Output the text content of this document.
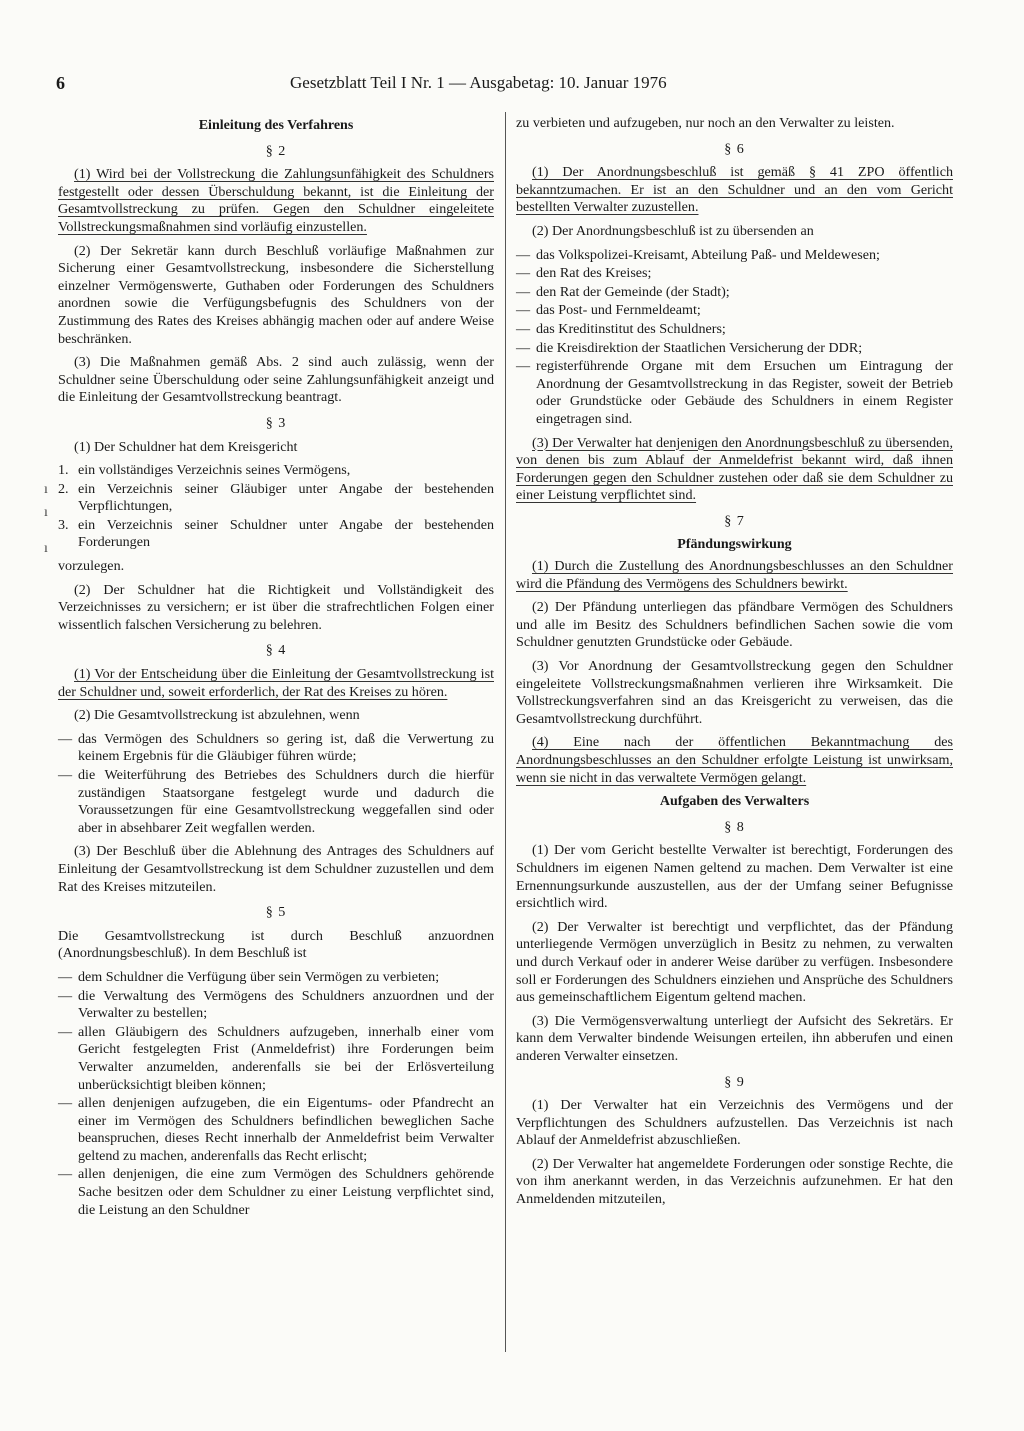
6	Gesetzblatt Teil I Nr. 1 — Ausgabetag: 10. Januar 1976
Einleitung des Verfahrens
§ 2

(1) Wird bei der Vollstreckung die Zahlungsunfähigkeit des Schuldners festgestellt oder dessen Überschuldung bekannt, ist die Einleitung der Gesamtvollstreckung zu prüfen. Gegen den Schuldner eingeleitete Vollstreckungsmaßnahmen sind vorläufig einzustellen.

(2) Der Sekretär kann durch Beschluß vorläufige Maßnahmen zur Sicherung einer Gesamtvollstreckung, insbesondere die Sicherstellung einzelner Vermögenswerte, Guthaben oder Forderungen des Schuldners anordnen sowie die Verfügungsbefugnis des Schuldners von der Zustimmung des Rates des Kreises abhängig machen oder auf andere Weise beschränken.

(3) Die Maßnahmen gemäß Abs. 2 sind auch zulässig, wenn der Schuldner seine Überschuldung oder seine Zahlungsunfähigkeit anzeigt und die Einleitung der Gesamtvollstreckung beantragt.

§ 3

(1) Der Schuldner hat dem Kreisgericht

1. ein vollständiges Verzeichnis seines Vermögens,
2. ein Verzeichnis seiner Gläubiger unter Angabe der bestehenden Verpflichtungen,
3. ein Verzeichnis seiner Schuldner unter Angabe der bestehenden Forderungen

vorzulegen.

(2) Der Schuldner hat die Richtigkeit und Vollständigkeit des Verzeichnisses zu versichern; er ist über die strafrechtlichen Folgen einer wissentlich falschen Versicherung zu belehren.

§ 4

(1) Vor der Entscheidung über die Einleitung der Gesamtvollstreckung ist der Schuldner und, soweit erforderlich, der Rat des Kreises zu hören.

(2) Die Gesamtvollstreckung ist abzulehnen, wenn

— das Vermögen des Schuldners so gering ist, daß die Verwertung zu keinem Ergebnis für die Gläubiger führen würde;
— die Weiterführung des Betriebes des Schuldners durch die hierfür zuständigen Staatsorgane festgelegt wurde und dadurch die Voraussetzungen für eine Gesamtvollstreckung weggefallen sind oder aber in absehbarer Zeit wegfallen werden.

(3) Der Beschluß über die Ablehnung des Antrages des Schuldners auf Einleitung der Gesamtvollstreckung ist dem Schuldner zuzustellen und dem Rat des Kreises mitzuteilen.

§ 5

Die Gesamtvollstreckung ist durch Beschluß anzuordnen (Anordnungsbeschluß). In dem Beschluß ist

— dem Schuldner die Verfügung über sein Vermögen zu verbieten;
— die Verwaltung des Vermögens des Schuldners anzuordnen und der Verwalter zu bestellen;
— allen Gläubigern des Schuldners aufzugeben, innerhalb einer vom Gericht festgelegten Frist (Anmeldefrist) ihre Forderungen beim Verwalter anzumelden, anderenfalls sie bei der Erlösverteilung unberücksichtigt bleiben können;
— allen denjenigen aufzugeben, die ein Eigentums- oder Pfandrecht an einer im Vermögen des Schuldners befindlichen beweglichen Sache beanspruchen, dieses Recht innerhalb der Anmeldefrist beim Verwalter geltend zu machen, anderenfalls das Recht erlischt;
— allen denjenigen, die eine zum Vermögen des Schuldners gehörende Sache besitzen oder dem Schuldner zu einer Leistung verpflichtet sind, die Leistung an den Schuldner

zu verbieten und aufzugeben, nur noch an den Verwalter zu leisten.

§ 6

(1) Der Anordnungsbeschluß ist gemäß § 41 ZPO öffentlich bekanntzumachen. Er ist an den Schuldner und an den vom Gericht bestellten Verwalter zuzustellen.

(2) Der Anordnungsbeschluß ist zu übersenden an

— das Volkspolizei-Kreisamt, Abteilung Paß- und Meldewesen;
— den Rat des Kreises;
— den Rat der Gemeinde (der Stadt);
— das Post- und Fernmeldeamt;
— das Kreditinstitut des Schuldners;
— die Kreisdirektion der Staatlichen Versicherung der DDR;
— registerführende Organe mit dem Ersuchen um Eintragung der Anordnung der Gesamtvollstreckung in das Register, soweit der Betrieb oder Grundstücke oder Gebäude des Schuldners in einem Register eingetragen sind.

(3) Der Verwalter hat denjenigen den Anordnungsbeschluß zu übersenden, von denen bis zum Ablauf der Anmeldefrist bekannt wird, daß ihnen Forderungen gegen den Schuldner zustehen oder daß sie dem Schuldner zu einer Leistung verpflichtet sind.

§ 7
Pfändungswirkung

(1) Durch die Zustellung des Anordnungsbeschlusses an den Schuldner wird die Pfändung des Vermögens des Schuldners bewirkt.

(2) Der Pfändung unterliegen das pfändbare Vermögen des Schuldners und alle im Besitz des Schuldners befindlichen Sachen sowie die vom Schuldner genutzten Grundstücke oder Gebäude.

(3) Vor Anordnung der Gesamtvollstreckung gegen den Schuldner eingeleitete Vollstreckungsmaßnahmen verlieren ihre Wirksamkeit. Die Vollstreckungsverfahren sind an das Kreisgericht zu verweisen, das die Gesamtvollstreckung durchführt.

(4) Eine nach der öffentlichen Bekanntmachung des Anordnungsbeschlusses an den Schuldner erfolgte Leistung ist unwirksam, wenn sie nicht in das verwaltete Vermögen gelangt.

Aufgaben des Verwalters
§ 8

(1) Der vom Gericht bestellte Verwalter ist berechtigt, Forderungen des Schuldners im eigenen Namen geltend zu machen. Dem Verwalter ist eine Ernennungsurkunde auszustellen, aus der der Umfang seiner Befugnisse ersichtlich wird.

(2) Der Verwalter ist berechtigt und verpflichtet, das der Pfändung unterliegende Vermögen unverzüglich in Besitz zu nehmen, zu verwalten und durch Verkauf oder in anderer Weise darüber zu verfügen. Insbesondere soll er Forderungen des Schuldners einziehen und Ansprüche des Schuldners aus gemeinschaftlichem Eigentum geltend machen.

(3) Die Vermögensverwaltung unterliegt der Aufsicht des Sekretärs. Er kann dem Verwalter bindende Weisungen erteilen, ihn abberufen und einen anderen Verwalter einsetzen.

§ 9

(1) Der Verwalter hat ein Verzeichnis des Vermögens und der Verpflichtungen des Schuldners aufzustellen. Das Verzeichnis ist nach Ablauf der Anmeldefrist abzuschließen.

(2) Der Verwalter hat angemeldete Forderungen oder sonstige Rechte, die von ihm anerkannt werden, in das Verzeichnis aufzunehmen. Er hat den Anmeldenden mitzuteilen,

ı
ı
ı
